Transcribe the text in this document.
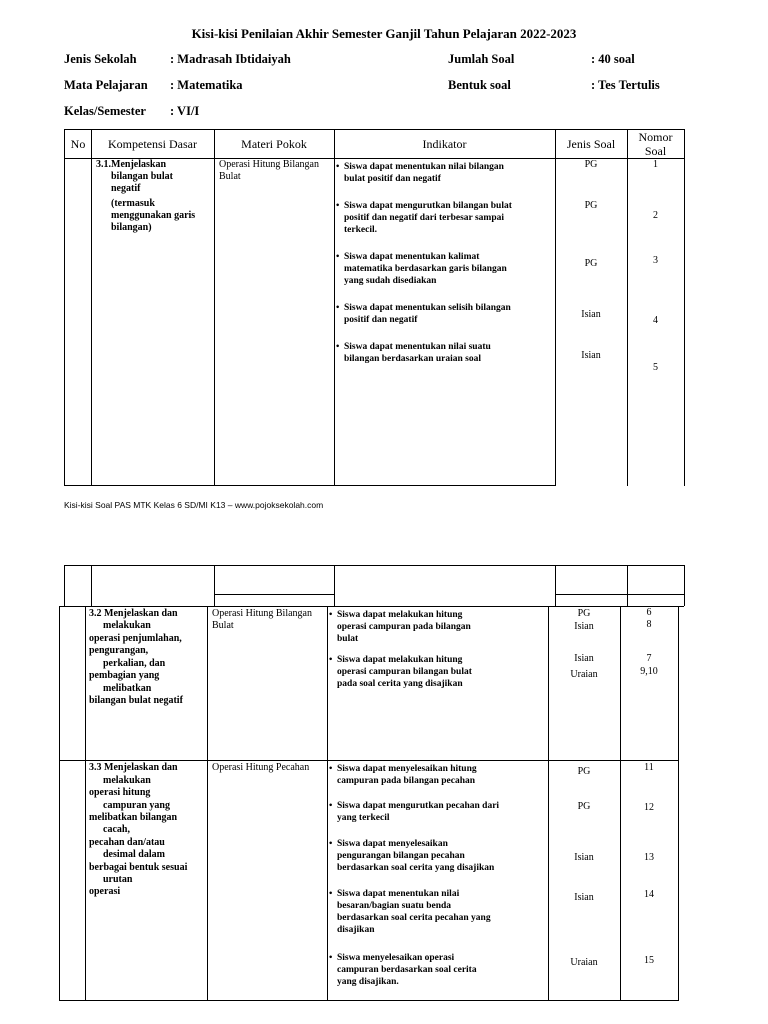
Kisi-kisi Penilaian Akhir Semester Ganjil Tahun Pelajaran 2022-2023
Jenis Sekolah	: Madrasah Ibtidaiyah	Jumlah Soal	: 40 soal
Mata Pelajaran : Matematika	Bentuk soal	: Tes Tertulis
Kelas/Semester : VI/I
No	Kompetensi Dasar	Materi Pokok	Indikator	Jenis Soal	Nomor
Soal
3.1.Menjelaskan
bilangan bulat
negatif
(termasuk
menggunakan garis
bilangan)
Operasi Hitung Bilangan
Bulat
• Siswa dapat menentukan nilai bilangan
bulat positif dan negatif
• Siswa dapat mengurutkan bilangan bulat
positif dan negatif dari terbesar sampai
terkecil.
• Siswa dapat menentukan kalimat
matematika berdasarkan garis bilangan
yang sudah disediakan
• Siswa dapat menentukan selisih bilangan
positif dan negatif
• Siswa dapat menentukan nilai suatu
bilangan berdasarkan uraian soal
PG
PG
PG
Isian
Isian
1
2
3
4
5
Kisi-kisi Soal PAS MTK Kelas 6 SD/MI K13 – www.pojoksekolah.com
3.2 Menjelaskan dan
melakukan
operasi penjumlahan,
pengurangan,
perkalian, dan
pembagian yang
melibatkan
bilangan bulat negatif
Operasi Hitung Bilangan
Bulat
• Siswa dapat melakukan hitung
operasi campuran pada bilangan
bulat
• Siswa dapat melakukan hitung
operasi campuran bilangan bulat
pada soal cerita yang disajikan
PG
Isian
Isian
Uraian
6
8
7
9,10
3.3 Menjelaskan dan
melakukan
operasi hitung
campuran yang
melibatkan bilangan
cacah,
pecahan dan/atau
desimal dalam
berbagai bentuk sesuai
urutan
operasi
Operasi Hitung Pecahan
•	Siswa dapat menyelesaikan hitung
campuran pada bilangan pecahan
• Siswa dapat mengurutkan pecahan dari
yang terkecil
• Siswa dapat menyelesaikan
pengurangan bilangan pecahan
berdasarkan soal cerita yang disajikan
• Siswa dapat menentukan nilai
besaran/bagian suatu benda
berdasarkan soal cerita pecahan yang
disajikan
• Siswa menyelesaikan operasi
campuran berdasarkan soal cerita
yang disajikan.
PG
PG
Isian
Isian
Uraian
11
12
13
14
15
